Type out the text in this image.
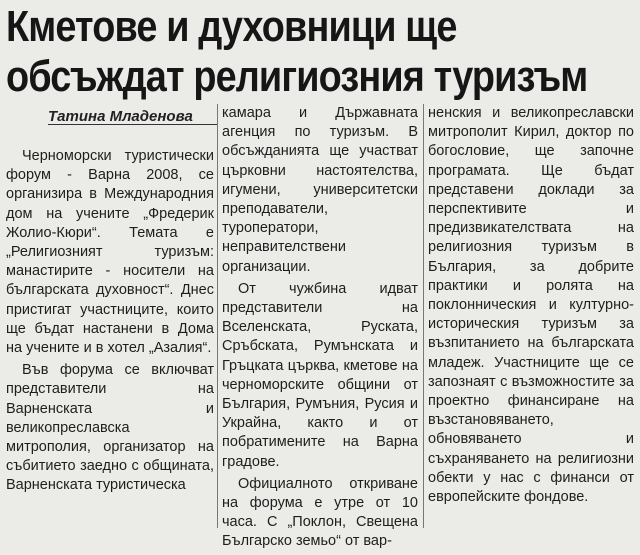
Кметове и духовници ще
обсъждат религиозния туризъм
Татина Младенова

Черноморски туристически форум - Варна 2008, се организира в Международния дом на учените „Фредерик Жолио-Кюри“. Темата е „Религиозният туризъм: манастирите - носители на българската духовност“. Днес пристигат участниците, които ще бъдат настанени в Дома на учените и в хотел „Азалия“.

Във форума се включват представители на Варненската и великопреславска митрополия, организатор на събитието заедно с общината, Варненската туристическа

камара и Държавната агенция по туризъм. В обсъжданията ще участват църковни настоятелства, игумени, университетски преподаватели, туроператори, неправителствени организации.

От чужбина идват представители на Вселенската, Руската, Сръбската, Румънската и Гръцката църква, кметове на черноморските общини от България, Румъния, Русия и Украйна, както и от побратимените на Варна градове.

Официалното откриване на форума е утре от 10 часа. С „Поклон, Свещена Българско земьо“ от вар-

ненския и великопреславски митрополит Кирил, доктор по богословие, ще започне програмата. Ще бъдат представени доклади за перспективите и предизвикателствата на религиозния туризъм в България, за добрите практики и ролята на поклонническия и културно-историческия туризъм за възпитанието на българската младеж. Участниците ще се запознаят с възможностите за проектно финансиране на възстановяването, обновяването и съхраняването на религиозни обекти у нас с финанси от европейските фондове.
